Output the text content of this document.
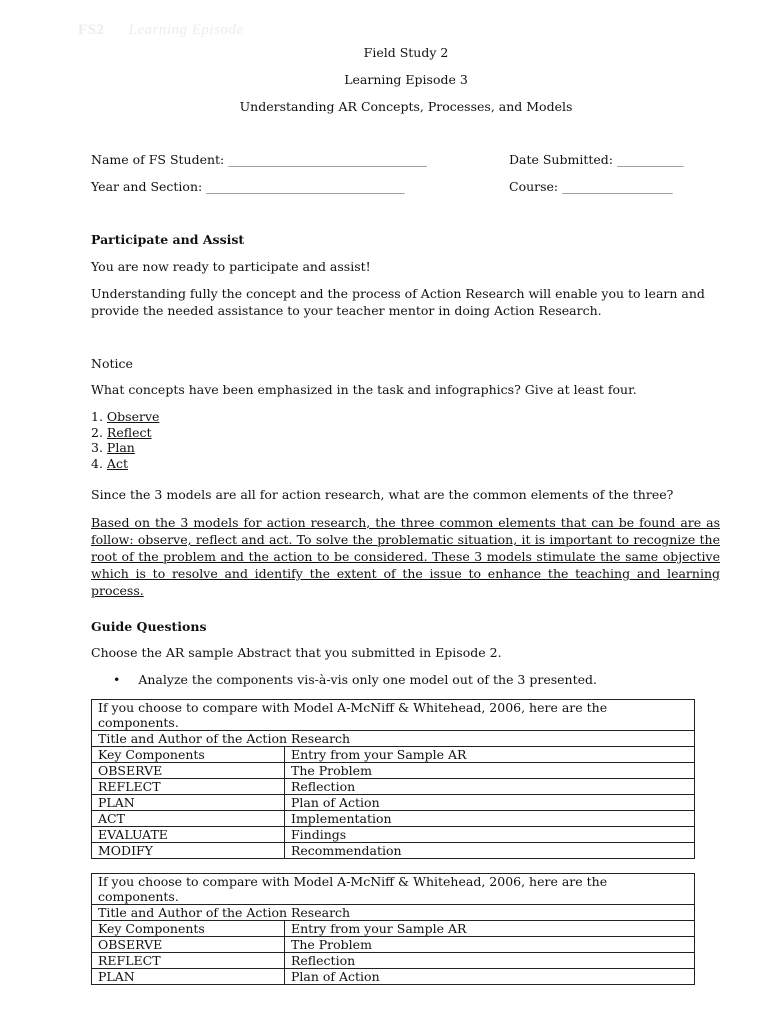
FS2 Learning Episode
Field Study 2
Learning Episode 3
Understanding AR Concepts, Processes, and Models
Name of FS Student: _____________________________________________	Date Submitted: _______________
Year and Section: _____________________________________________	Course: _________________________
Participate and Assist
You are now ready to participate and assist!

Understanding fully the concept and the process of Action Research will enable you to learn and provide the needed assistance to your teacher mentor in doing Action Research.

Notice
What concepts have been emphasized in the task and infographics? Give at least four.
1. Observe
2. Reflect
3. Plan
4. Act
Since the 3 models are all for action research, what are the common elements of the three?

Based on the 3 models for action research, the three common elements that can be found are as follow: observe, reflect and act. To solve the problematic situation, it is important to recognize the root of the problem and the action to be considered. These 3 models stimulate the same objective which is to resolve and identify the extent of the issue to enhance the teaching and learning process.

Guide Questions
Choose the AR sample Abstract that you submitted in Episode 2.
• Analyze the components vis-à-vis only one model out of the 3 presented.
If you choose to compare with Model A-McNiff & Whitehead, 2006, here are the components.	
Title and Author of the Action Research	
Key Components	Entry from your Sample AR
OBSERVE	The Problem
REFLECT	Reflection
PLAN	Plan of Action
ACT	Implementation
EVALUATE	Findings
MODIFY	Recommendation
If you choose to compare with Model A-McNiff & Whitehead, 2006, here are the components.	
Title and Author of the Action Research	
Key Components	Entry from your Sample AR
OBSERVE	The Problem
REFLECT	Reflection
PLAN	Plan of Action
